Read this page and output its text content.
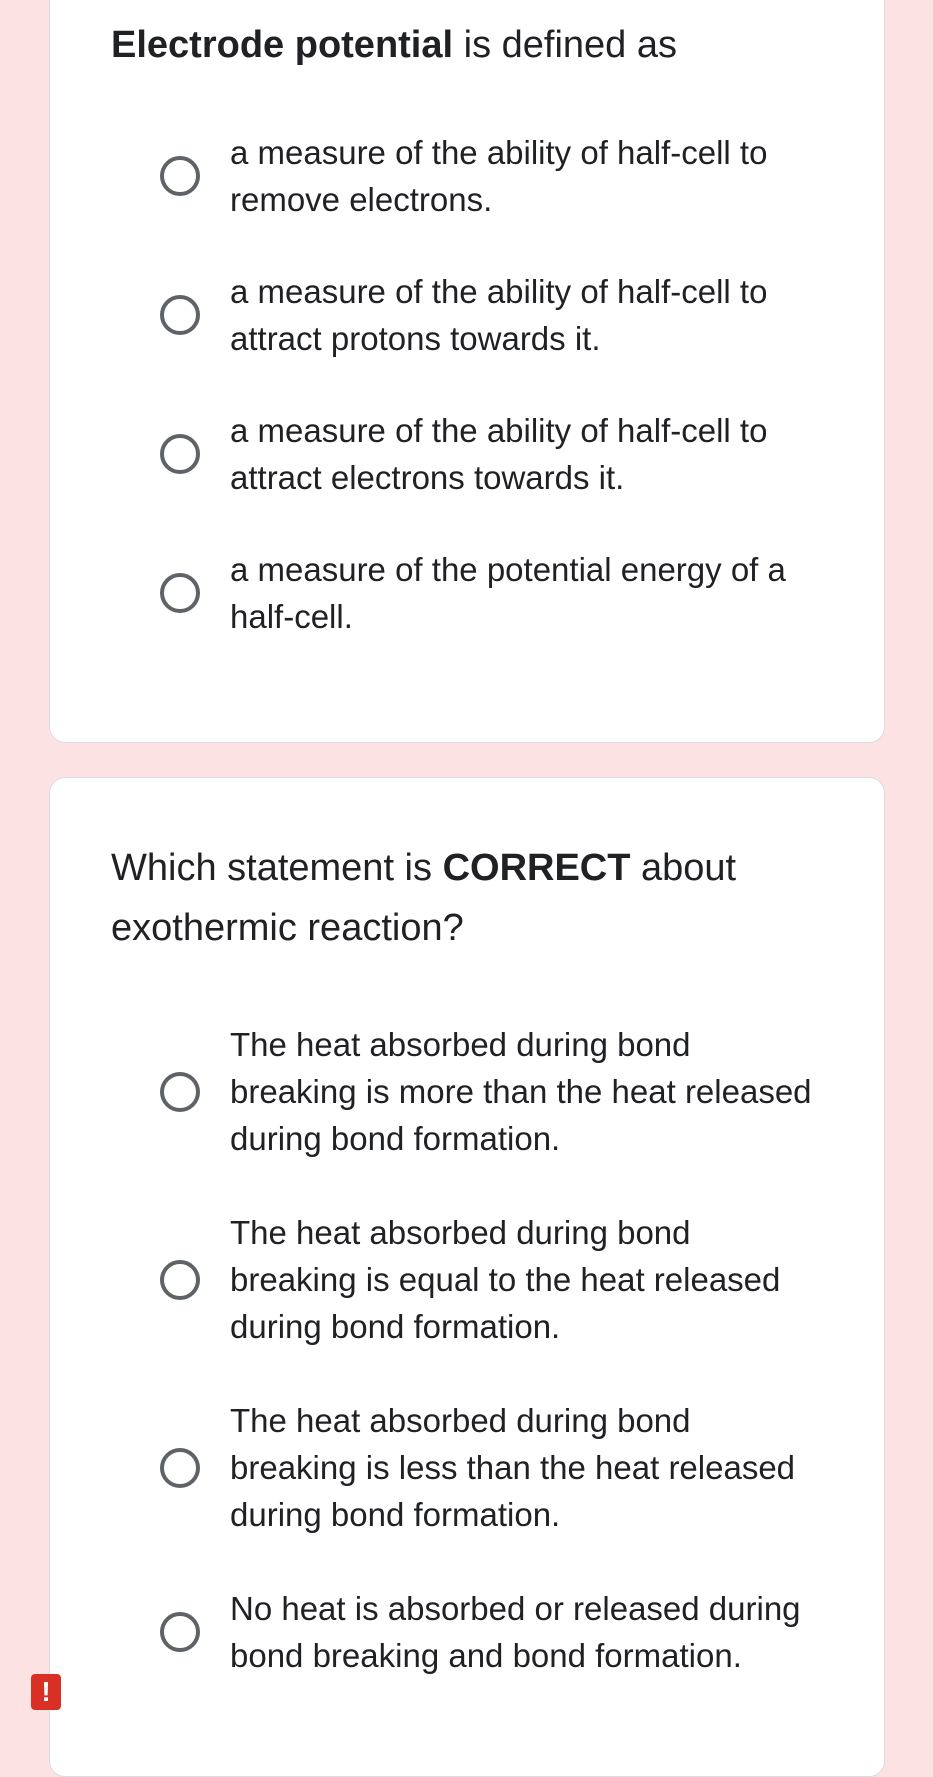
Electrode potential is defined as

a measure of the ability of half-cell to remove electrons.
a measure of the ability of half-cell to attract protons towards it.
a measure of the ability of half-cell to attract electrons towards it.
a measure of the potential energy of a half-cell.

Which statement is CORRECT about exothermic reaction?

The heat absorbed during bond breaking is more than the heat released during bond formation.
The heat absorbed during bond breaking is equal to the heat released during bond formation.
The heat absorbed during bond breaking is less than the heat released during bond formation.
No heat is absorbed or released during bond breaking and bond formation.
!
